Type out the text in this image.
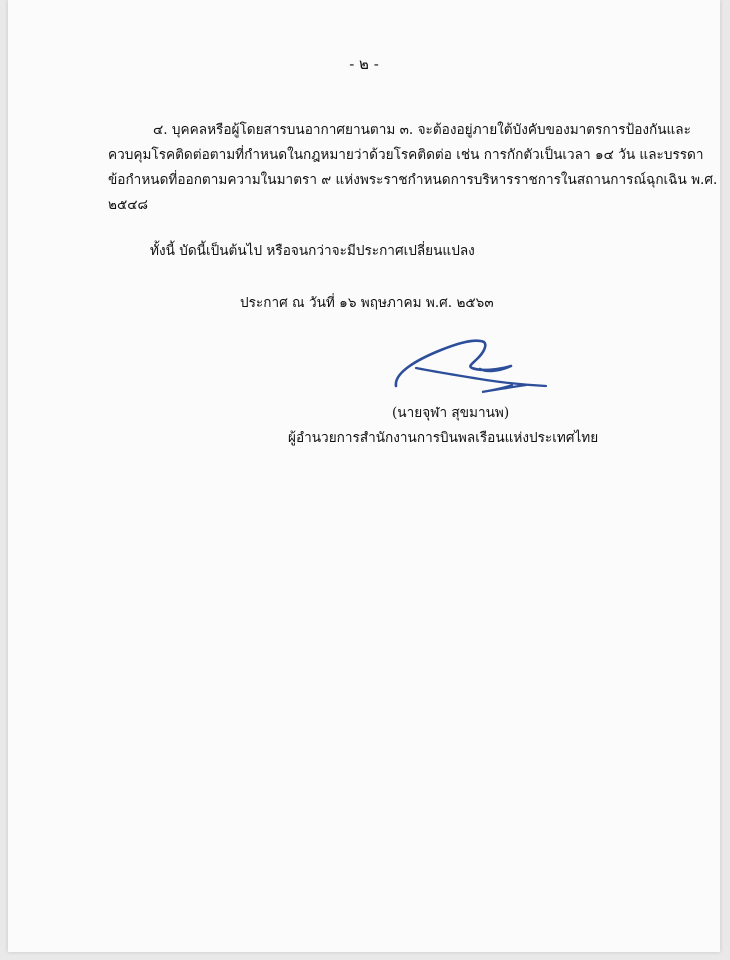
- ๒ -

๔. บุคคลหรือผู้โดยสารบนอากาศยานตาม ๓. จะต้องอยู่ภายใต้บังคับของมาตรการป้องกันและ
ควบคุมโรคติดต่อตามที่กำหนดในกฎหมายว่าด้วยโรคติดต่อ เช่น การกักตัวเป็นเวลา ๑๔ วัน และบรรดา
ข้อกำหนดที่ออกตามความในมาตรา ๙ แห่งพระราชกำหนดการบริหารราชการในสถานการณ์ฉุกเฉิน พ.ศ.
๒๕๔๘

ทั้งนี้ บัดนี้เป็นต้นไป หรือจนกว่าจะมีประกาศเปลี่ยนแปลง
ประกาศ ณ วันที่ ๑๖ พฤษภาคม พ.ศ. ๒๕๖๓
(นายจุฬา สุขมานพ)
ผู้อำนวยการสำนักงานการบินพลเรือนแห่งประเทศไทย
